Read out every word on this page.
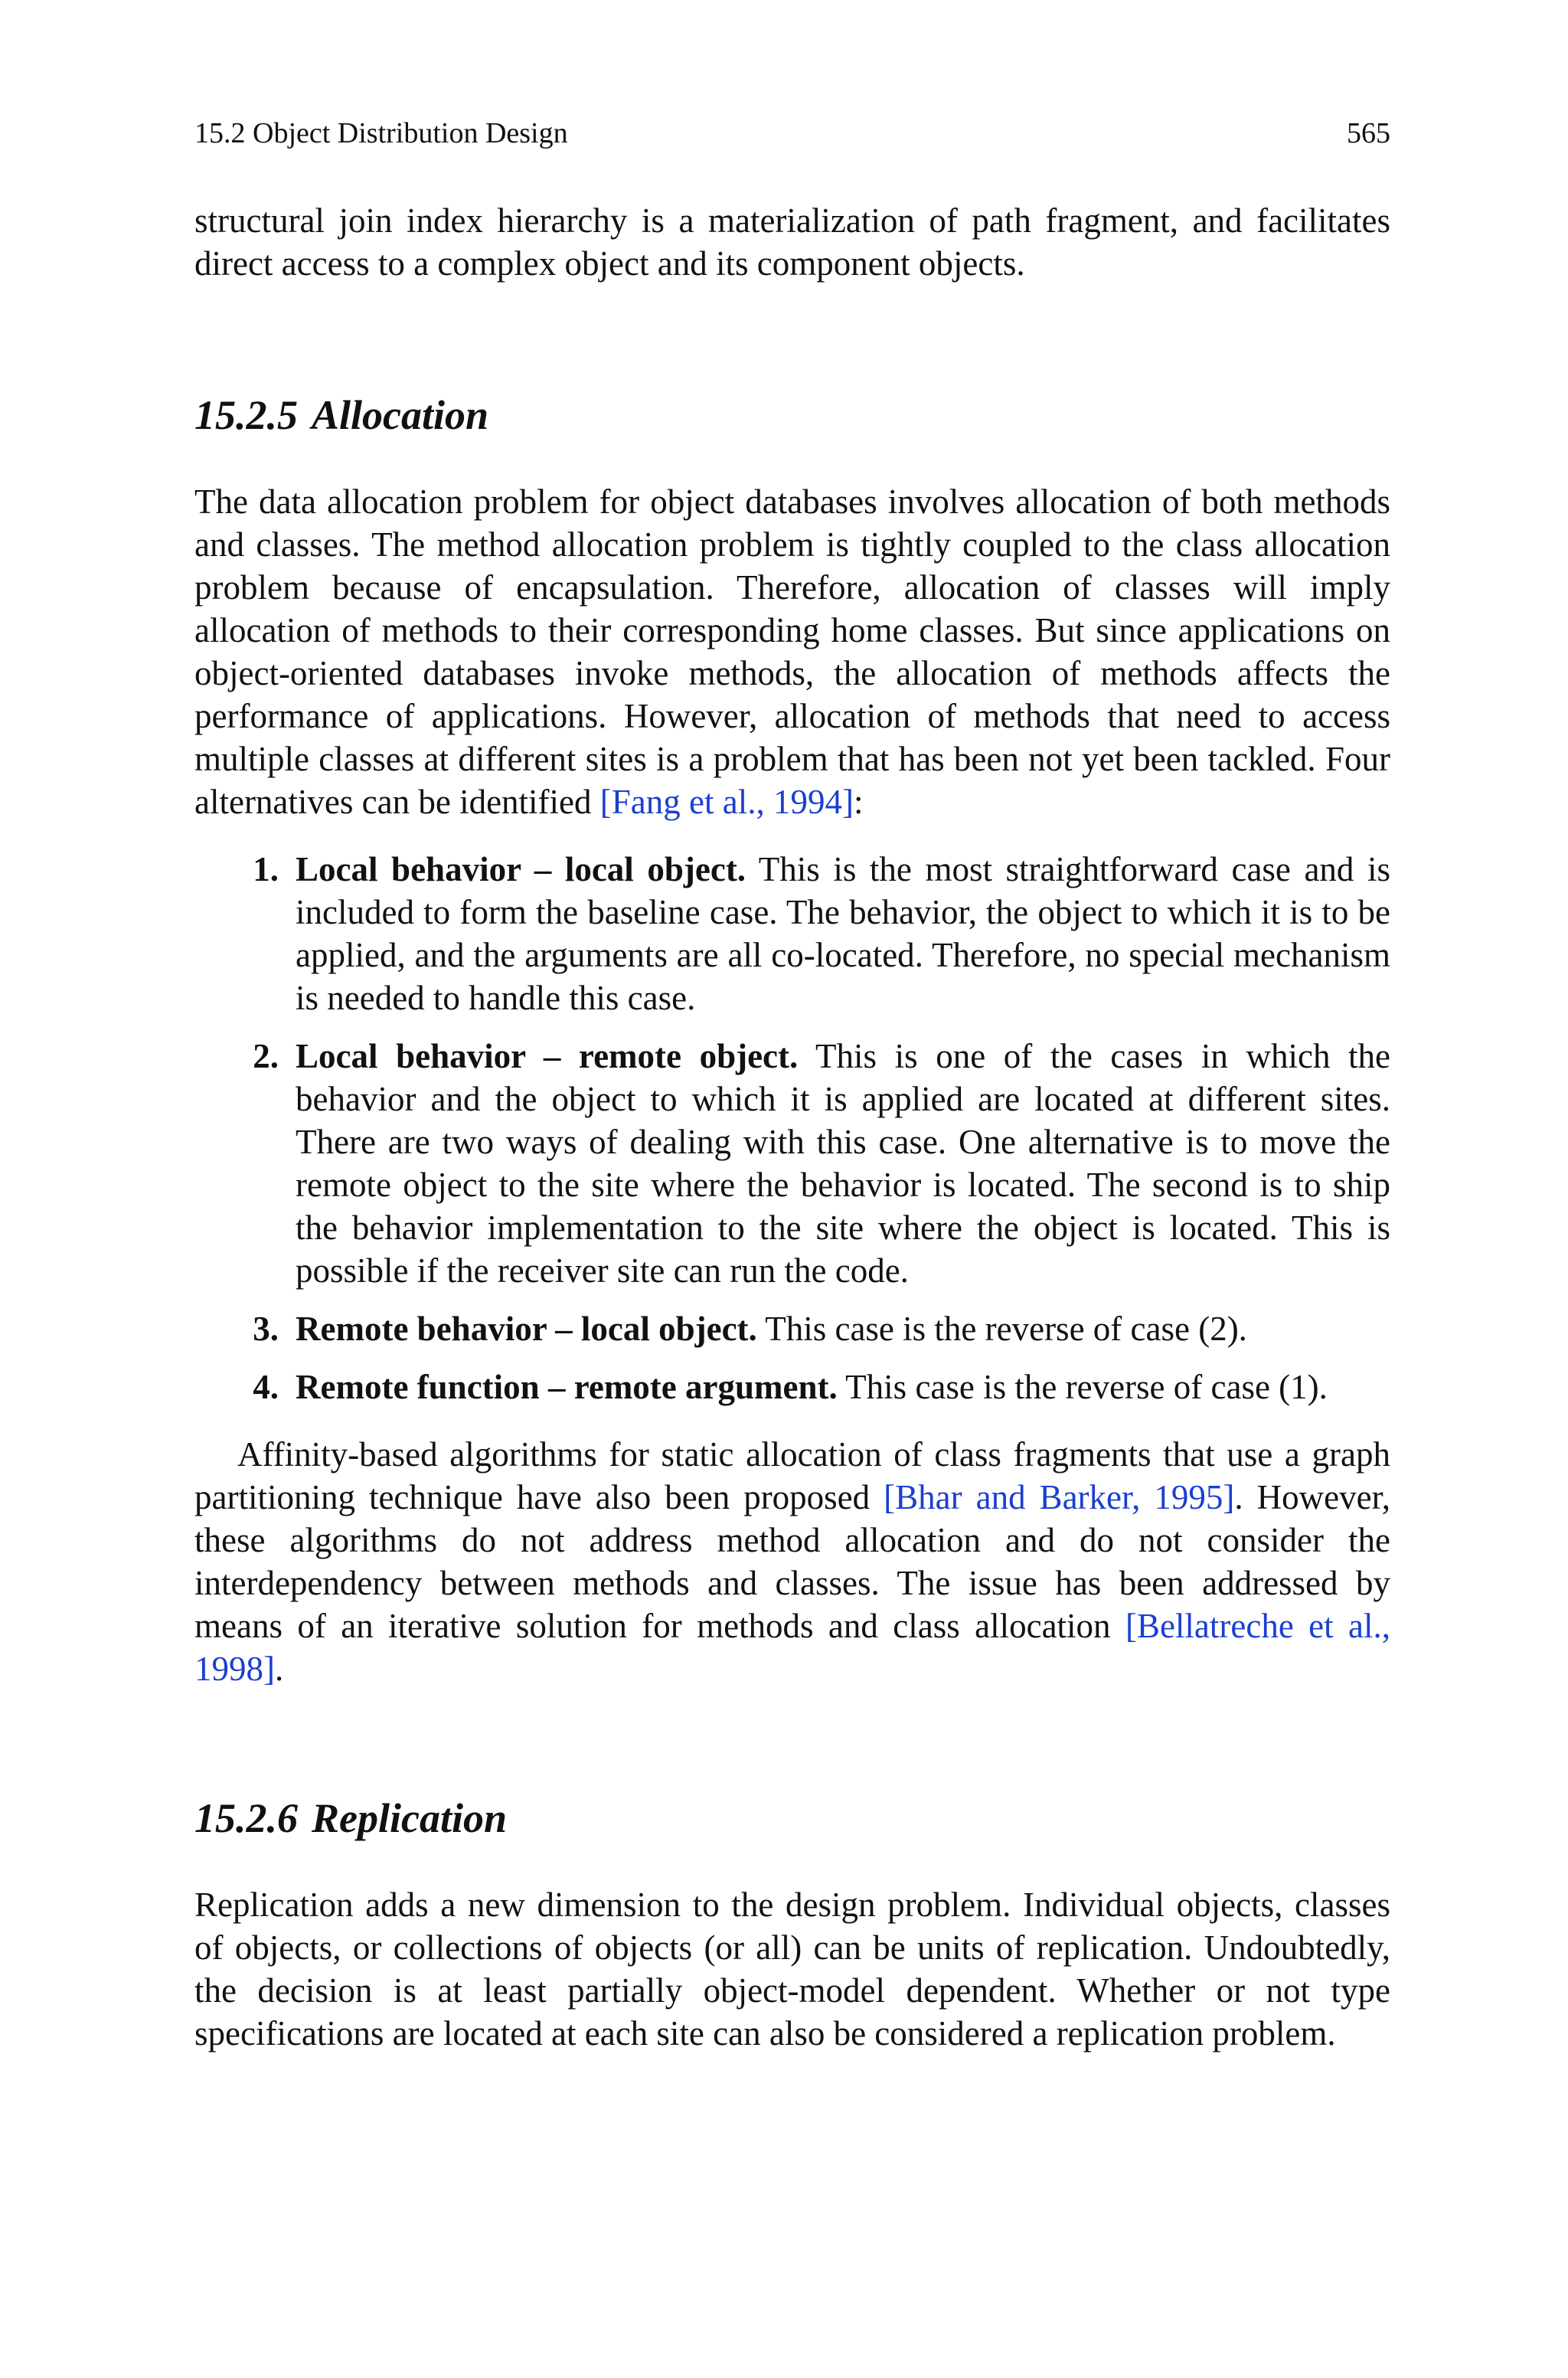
15.2 Object Distribution Design	565

structural join index hierarchy is a materialization of path fragment, and facilitates direct access to a complex object and its component objects.

15.2.5 Allocation

The data allocation problem for object databases involves allocation of both methods and classes. The method allocation problem is tightly coupled to the class allocation problem because of encapsulation. Therefore, allocation of classes will imply allocation of methods to their corresponding home classes. But since applications on object-oriented databases invoke methods, the allocation of methods affects the performance of applications. However, allocation of methods that need to access multiple classes at different sites is a problem that has been not yet been tackled. Four alternatives can be identified [Fang et al., 1994]:

1. Local behavior – local object. This is the most straightforward case and is included to form the baseline case. The behavior, the object to which it is to be applied, and the arguments are all co-located. Therefore, no special mechanism is needed to handle this case.
2. Local behavior – remote object. This is one of the cases in which the behavior and the object to which it is applied are located at different sites. There are two ways of dealing with this case. One alternative is to move the remote object to the site where the behavior is located. The second is to ship the behavior implementation to the site where the object is located. This is possible if the receiver site can run the code.
3. Remote behavior – local object. This case is the reverse of case (2).
4. Remote function – remote argument. This case is the reverse of case (1).

Affinity-based algorithms for static allocation of class fragments that use a graph partitioning technique have also been proposed [Bhar and Barker, 1995]. However, these algorithms do not address method allocation and do not consider the interdependency between methods and classes. The issue has been addressed by means of an iterative solution for methods and class allocation [Bellatreche et al., 1998].

15.2.6 Replication

Replication adds a new dimension to the design problem. Individual objects, classes of objects, or collections of objects (or all) can be units of replication. Undoubtedly, the decision is at least partially object-model dependent. Whether or not type specifications are located at each site can also be considered a replication problem.
